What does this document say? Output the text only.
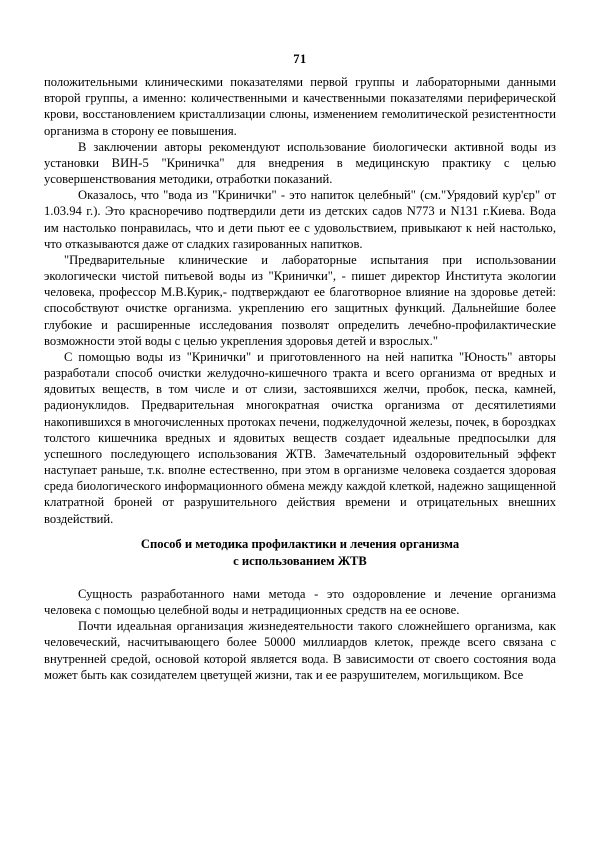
71

положительными клиническими показателями первой группы и лабораторными данными второй группы, а именно: количественными и качественными показателями периферической крови, восстановлением кристаллизации слюны, изменением гемолитической резистентности организма в сторону ее повышения.

В заключении авторы рекомендуют использование биологически активной воды из установки ВИН-5 "Криничка" для внедрения в медицинскую практику с целью усовершенствования методики, отработки показаний.

Оказалось, что "вода из "Кринички" - это напиток целебный" (см."Урядовий кур'єр" от 1.03.94 г.). Это красноречиво подтвердили дети из детских садов N773 и N131 г.Киева. Вода им настолько понравилась, что и дети пьют ее с удовольствием, привыкают к ней настолько, что отказываются даже от сладких газированных напитков.

"Предварительные клинические и лабораторные испытания при использовании экологически чистой питьевой воды из "Кринички", - пишет директор Института экологии человека, профессор М.В.Курик,- подтверждают ее благотворное влияние на здоровье детей: способствуют очистке организма. укреплению его защитных функций. Дальнейшие более глубокие и расширенные исследования позволят определить лечебно-профилактические возможности этой воды с целью укрепления здоровья детей и взрослых."

С помощью воды из "Кринички" и приготовленного на ней напитка "Юность" авторы разработали способ очистки желудочно-кишечного тракта и всего организма от вредных и ядовитых веществ, в том числе и от слизи, застоявшихся желчи, пробок, песка, камней, радионуклидов. Предварительная многократная очистка организма от десятилетиями накопившихся в многочисленных протоках печени, поджелудочной железы, почек, в бороздках толстого кишечника вредных и ядовитых веществ создает идеальные предпосылки для успешного последующего использования ЖТВ. Замечательный оздоровительный эффект наступает раньше, т.к. вполне естественно, при этом в организме человека создается здоровая среда биологического информационного обмена между каждой клеткой, надежно защищенной клатратной броней от разрушительного действия времени и отрицательных внешних воздействий.

Способ и методика профилактики и лечения организма
с использованием ЖТВ

Сущность разработанного нами метода - это оздоровление и лечение организма человека с помощью целебной воды и нетрадиционных средств на ее основе.

Почти идеальная организация жизнедеятельности такого сложнейшего организма, как человеческий, насчитывающего более 50000 миллиардов клеток, прежде всего связана с внутренней средой, основой которой является вода. В зависимости от своего состояния вода может быть как созидателем цветущей жизни, так и ее разрушителем, могильщиком. Все
